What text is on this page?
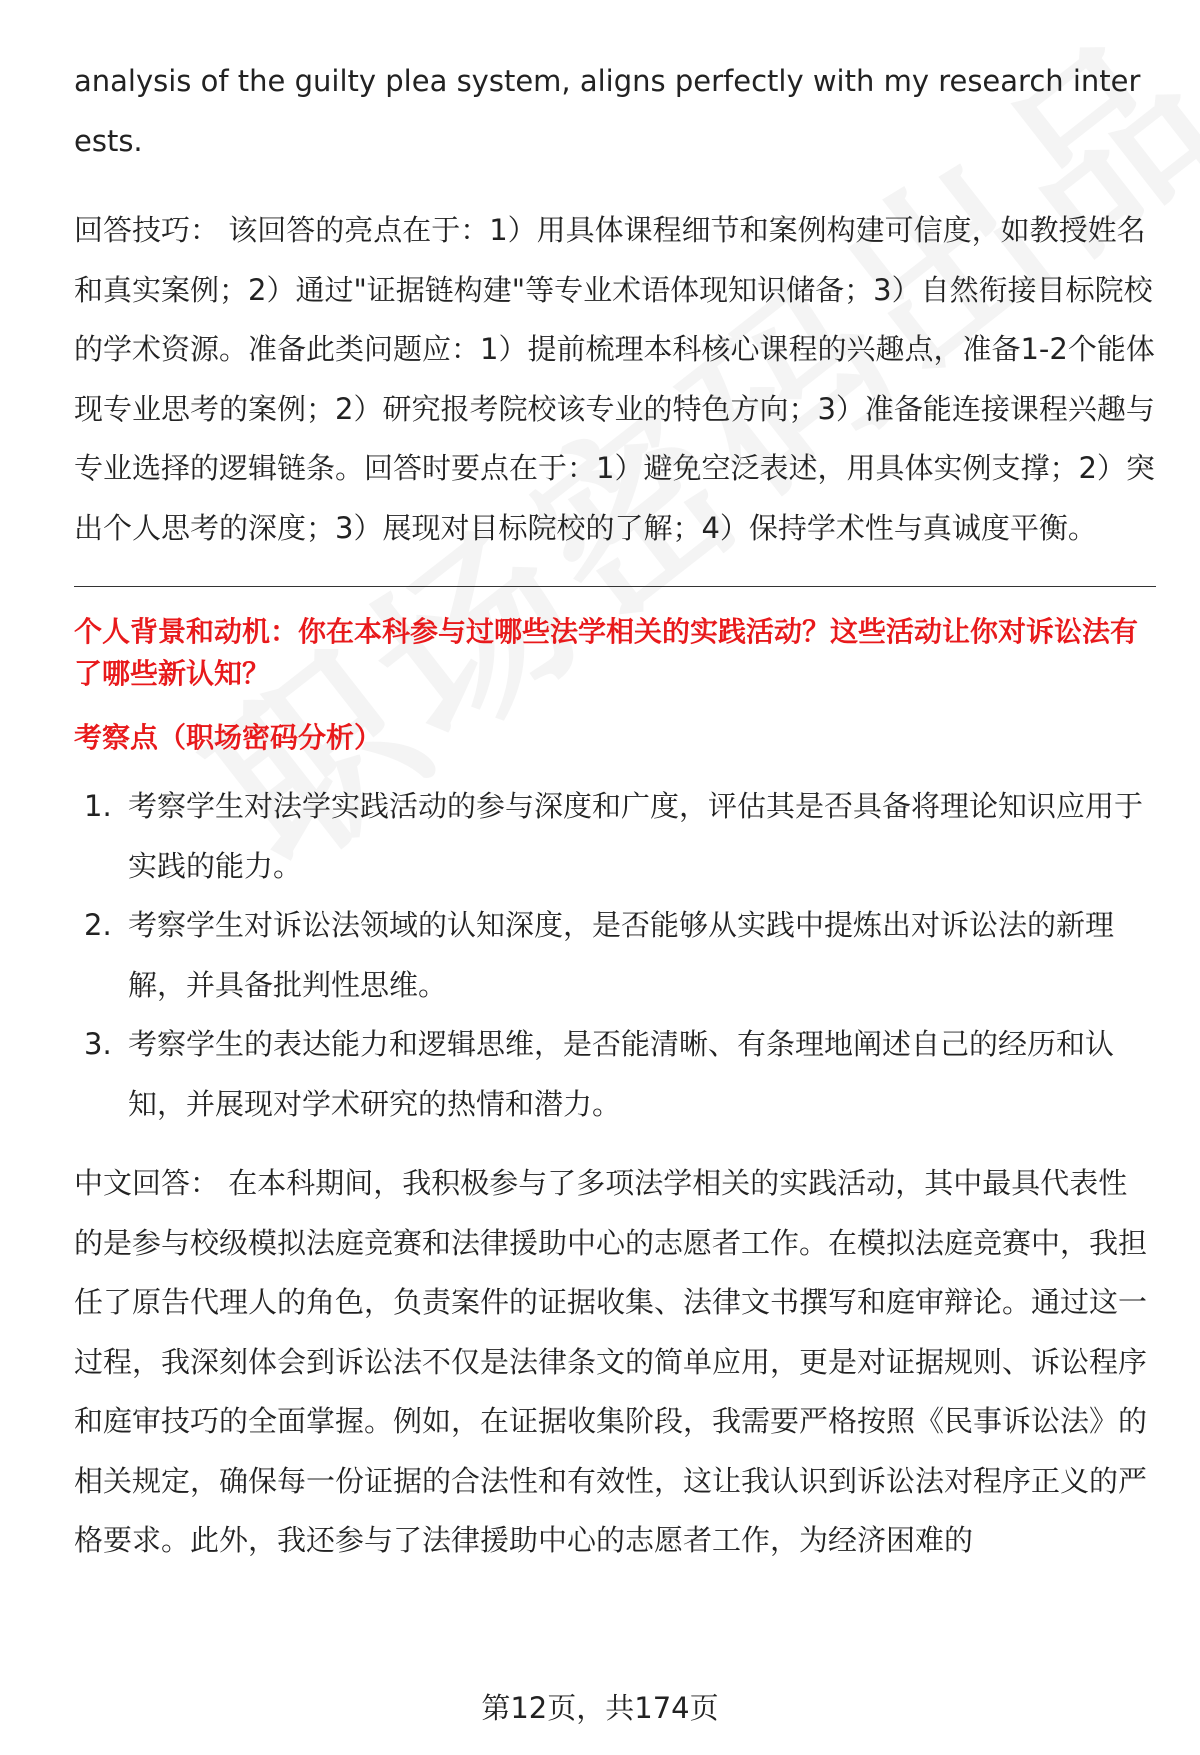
analysis of the guilty plea system, aligns perfectly with my research interests.

回答技巧： 该回答的亮点在于：1）用具体课程细节和案例构建可信度，如教授姓名和真实案例；2）通过"证据链构建"等专业术语体现知识储备；3）自然衔接目标院校的学术资源。准备此类问题应：1）提前梳理本科核心课程的兴趣点，准备1-2个能体现专业思考的案例；2）研究报考院校该专业的特色方向；3）准备能连接课程兴趣与专业选择的逻辑链条。回答时要点在于：1）避免空泛表述，用具体实例支撑；2）突出个人思考的深度；3）展现对目标院校的了解；4）保持学术性与真诚度平衡。

个人背景和动机：你在本科参与过哪些法学相关的实践活动？这些活动让你对诉讼法有了哪些新认知？

考察点（职场密码分析）

1. 考察学生对法学实践活动的参与深度和广度，评估其是否具备将理论知识应用于实践的能力。
2. 考察学生对诉讼法领域的认知深度，是否能够从实践中提炼出对诉讼法的新理解，并具备批判性思维。
3. 考察学生的表达能力和逻辑思维，是否能清晰、有条理地阐述自己的经历和认知，并展现对学术研究的热情和潜力。

中文回答： 在本科期间，我积极参与了多项法学相关的实践活动，其中最具代表性的是参与校级模拟法庭竞赛和法律援助中心的志愿者工作。在模拟法庭竞赛中，我担任了原告代理人的角色，负责案件的证据收集、法律文书撰写和庭审辩论。通过这一过程，我深刻体会到诉讼法不仅是法律条文的简单应用，更是对证据规则、诉讼程序和庭审技巧的全面掌握。例如，在证据收集阶段，我需要严格按照《民事诉讼法》的相关规定，确保每一份证据的合法性和有效性，这让我认识到诉讼法对程序正义的严格要求。此外，我还参与了法律援助中心的志愿者工作，为经济困难的

第12页，共174页
